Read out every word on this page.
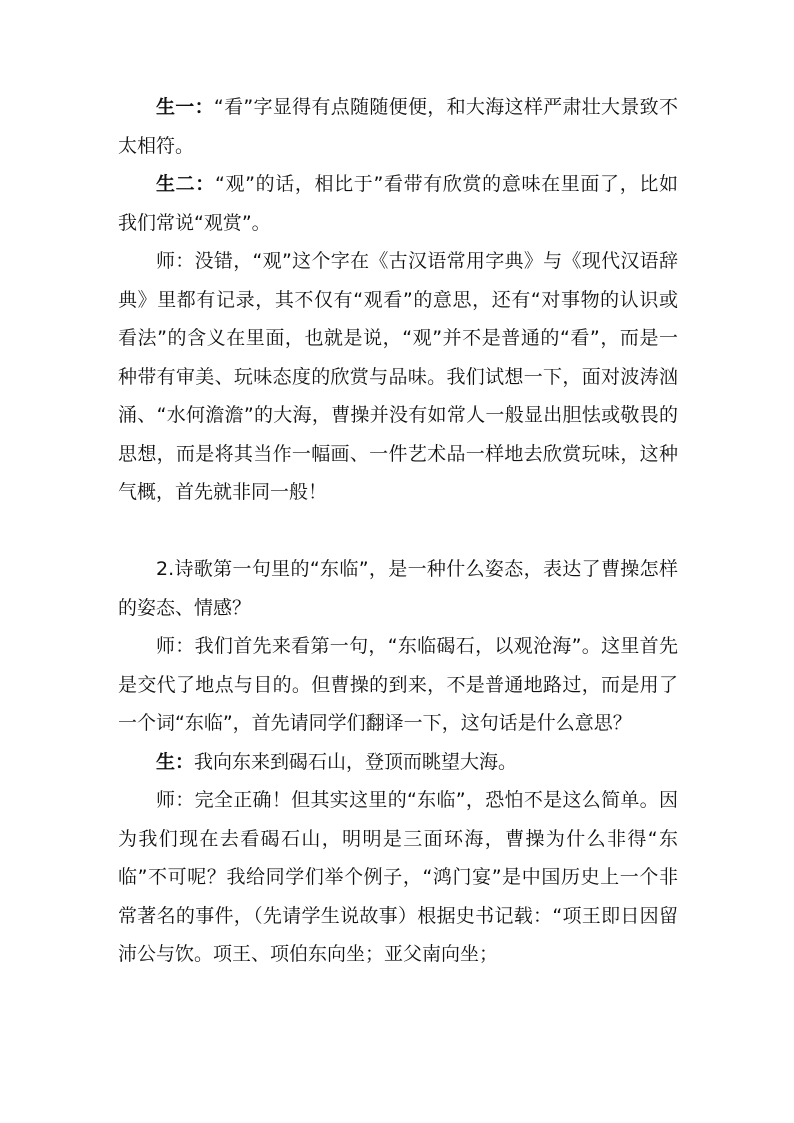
生一：“看”字显得有点随随便便，和大海这样严肃壮大景致不太相符。

生二：“观”的话，相比于”看带有欣赏的意味在里面了，比如我们常说“观赏”。

师：没错，“观”这个字在《古汉语常用字典》与《现代汉语辞典》里都有记录，其不仅有“观看”的意思，还有“对事物的认识或看法”的含义在里面，也就是说，“观”并不是普通的“看”，而是一种带有审美、玩味态度的欣赏与品味。我们试想一下，面对波涛汹涌、“水何澹澹”的大海，曹操并没有如常人一般显出胆怯或敬畏的思想，而是将其当作一幅画、一件艺术品一样地去欣赏玩味，这种气概，首先就非同一般！

2.诗歌第一句里的“东临”，是一种什么姿态，表达了曹操怎样的姿态、情感？

师：我们首先来看第一句，“东临碣石，以观沧海”。这里首先是交代了地点与目的。但曹操的到来，不是普通地路过，而是用了一个词“东临”，首先请同学们翻译一下，这句话是什么意思？

生：我向东来到碣石山，登顶而眺望大海。

师：完全正确！但其实这里的“东临”，恐怕不是这么简单。因为我们现在去看碣石山，明明是三面环海，曹操为什么非得“东临”不可呢？我给同学们举个例子，“鸿门宴”是中国历史上一个非常著名的事件，（先请学生说故事）根据史书记载：“项王即日因留沛公与饮。项王、项伯东向坐；亚父南向坐；
